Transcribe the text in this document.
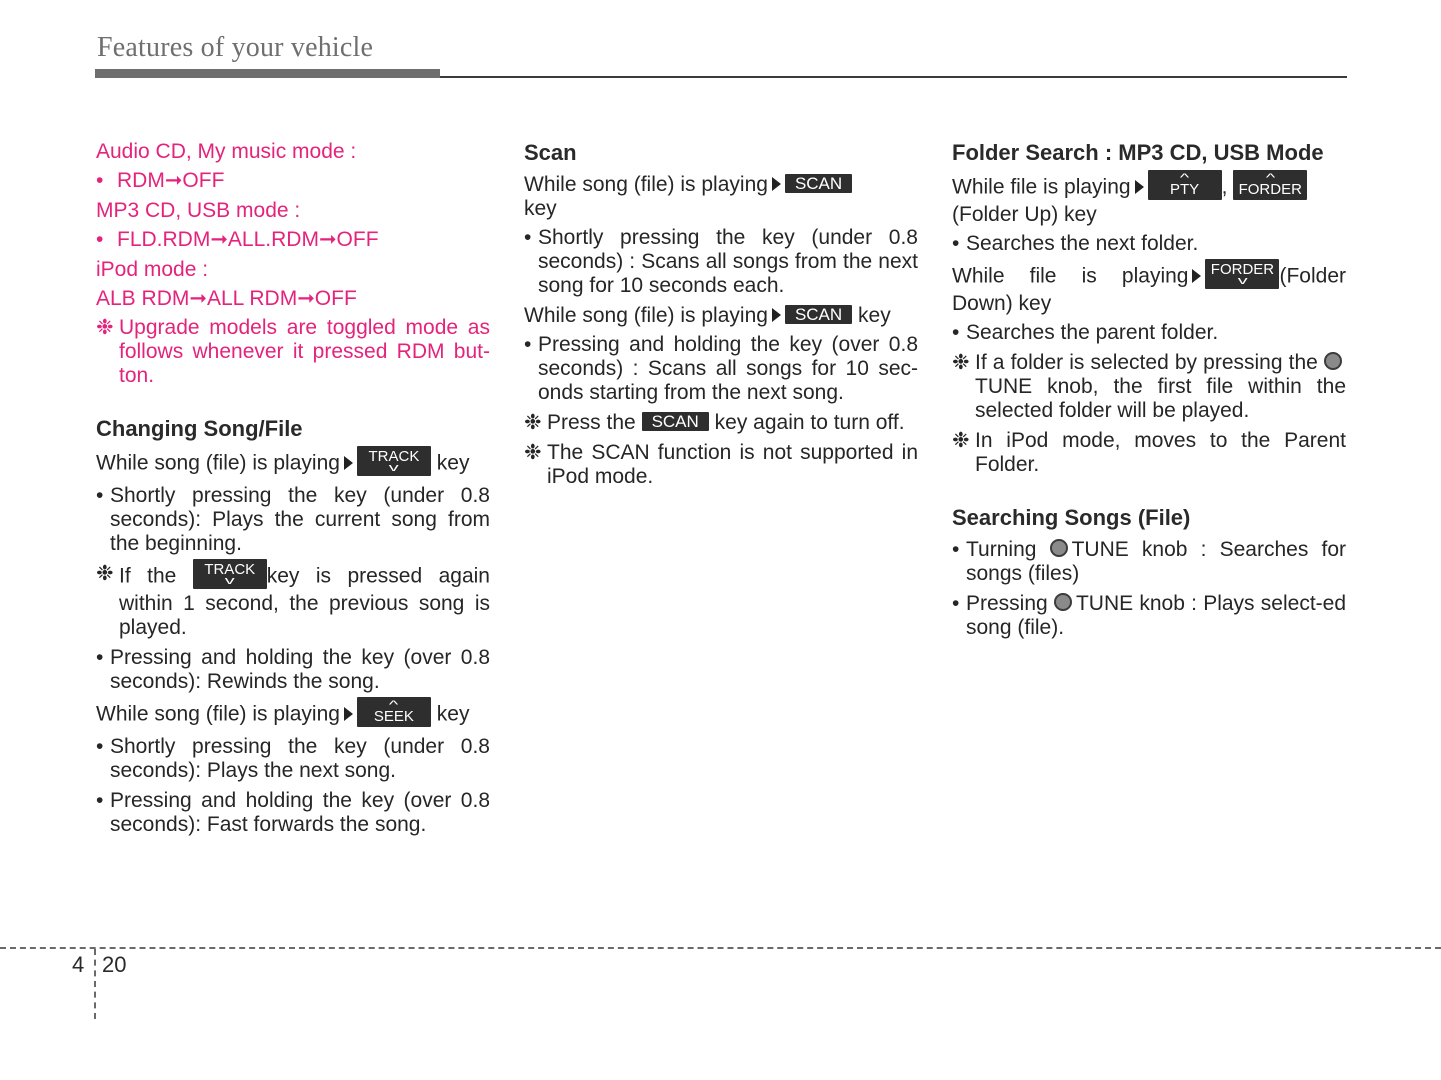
Features of your vehicle
Audio CD, My music mode :
• RDM➞OFF
MP3 CD, USB mode :
• FLD.RDM➞ALL.RDM➞OFF
iPod mode :
ALB RDM➞ALL RDM➞OFF
❉ Upgrade models are toggled mode as follows whenever it pressed RDM but-ton.
Changing Song/File
While song (file) is playing TRACK
v key
• Shortly pressing the key (under 0.8 seconds): Plays the current song from the beginning.
❉ If the TRACK
v key is pressed again within 1 second, the previous song is played.
• Pressing and holding the key (over 0.8 seconds): Rewinds the song.
While song (file) is playing	^
SEEK key
• Shortly pressing the key (under 0.8 seconds): Plays the next song.
• Pressing and holding the key (over 0.8 seconds): Fast forwards the song.
Scan
While song (file) is playing SCAN
key
• Shortly pressing the key (under 0.8 seconds) : Scans all songs from the next song for 10 seconds each.
While song (file) is playing SCAN key
• Pressing and holding the key (over 0.8 seconds) : Scans all songs for 10 sec-onds starting from the next song.
❉ Press the SCAN key again to turn off.
❉ The SCAN function is not supported in iPod mode.
Folder Search : MP3 CD, USB Mode
While file is playing	^
PTY ,	^
FORDER

(Folder Up) key
• Searches the next folder.
While file is playing FORDER
v (Folder Down) key
• Searches the parent folder.
❉ If a folder is selected by pressing the TUNE knob, the first file within the selected folder will be played.
❉ In iPod mode, moves to the Parent Folder.
Searching Songs (File)
• Turning TUNE knob : Searches for songs (files)
• Pressing TUNE knob : Plays select-ed song (file).
4 20
